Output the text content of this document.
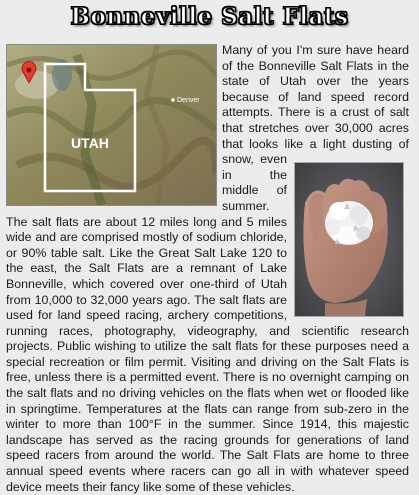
Bonneville Salt Flats
Denver
UTAH

Many of you I'm sure have heard of the Bonneville Salt Flats in the state of Utah over the years because of land speed record attempts. There is a crust of salt that stretches over 30,000 acres that looks like a light dusting of snow, even in the middle of summer. The salt flats are about 12 miles long and 5 miles wide and are comprised mostly of sodium chloride, or 90% table salt. Like the Great Salt Lake 120 to the east, the Salt Flats are a remnant of Lake Bonneville, which covered over one-third of Utah from 10,000 to 32,000 years ago. The salt flats are used for land speed racing, archery competitions, running races, photography, videography, and scientific research projects. Public wishing to utilize the salt flats for these purposes need a special recreation or film permit. Visiting and driving on the Salt Flats is free, unless there is a permitted event. There is no overnight camping on the salt flats and no driving vehicles on the flats when wet or flooded like in springtime. Temperatures at the flats can range from sub-zero in the winter to more than 100°F in the summer. Since 1914, this majestic landscape has served as the racing grounds for generations of land speed racers from around the world. The Salt Flats are home to three annual speed events where racers can go all in with whatever speed device meets their fancy like some of these vehicles.
